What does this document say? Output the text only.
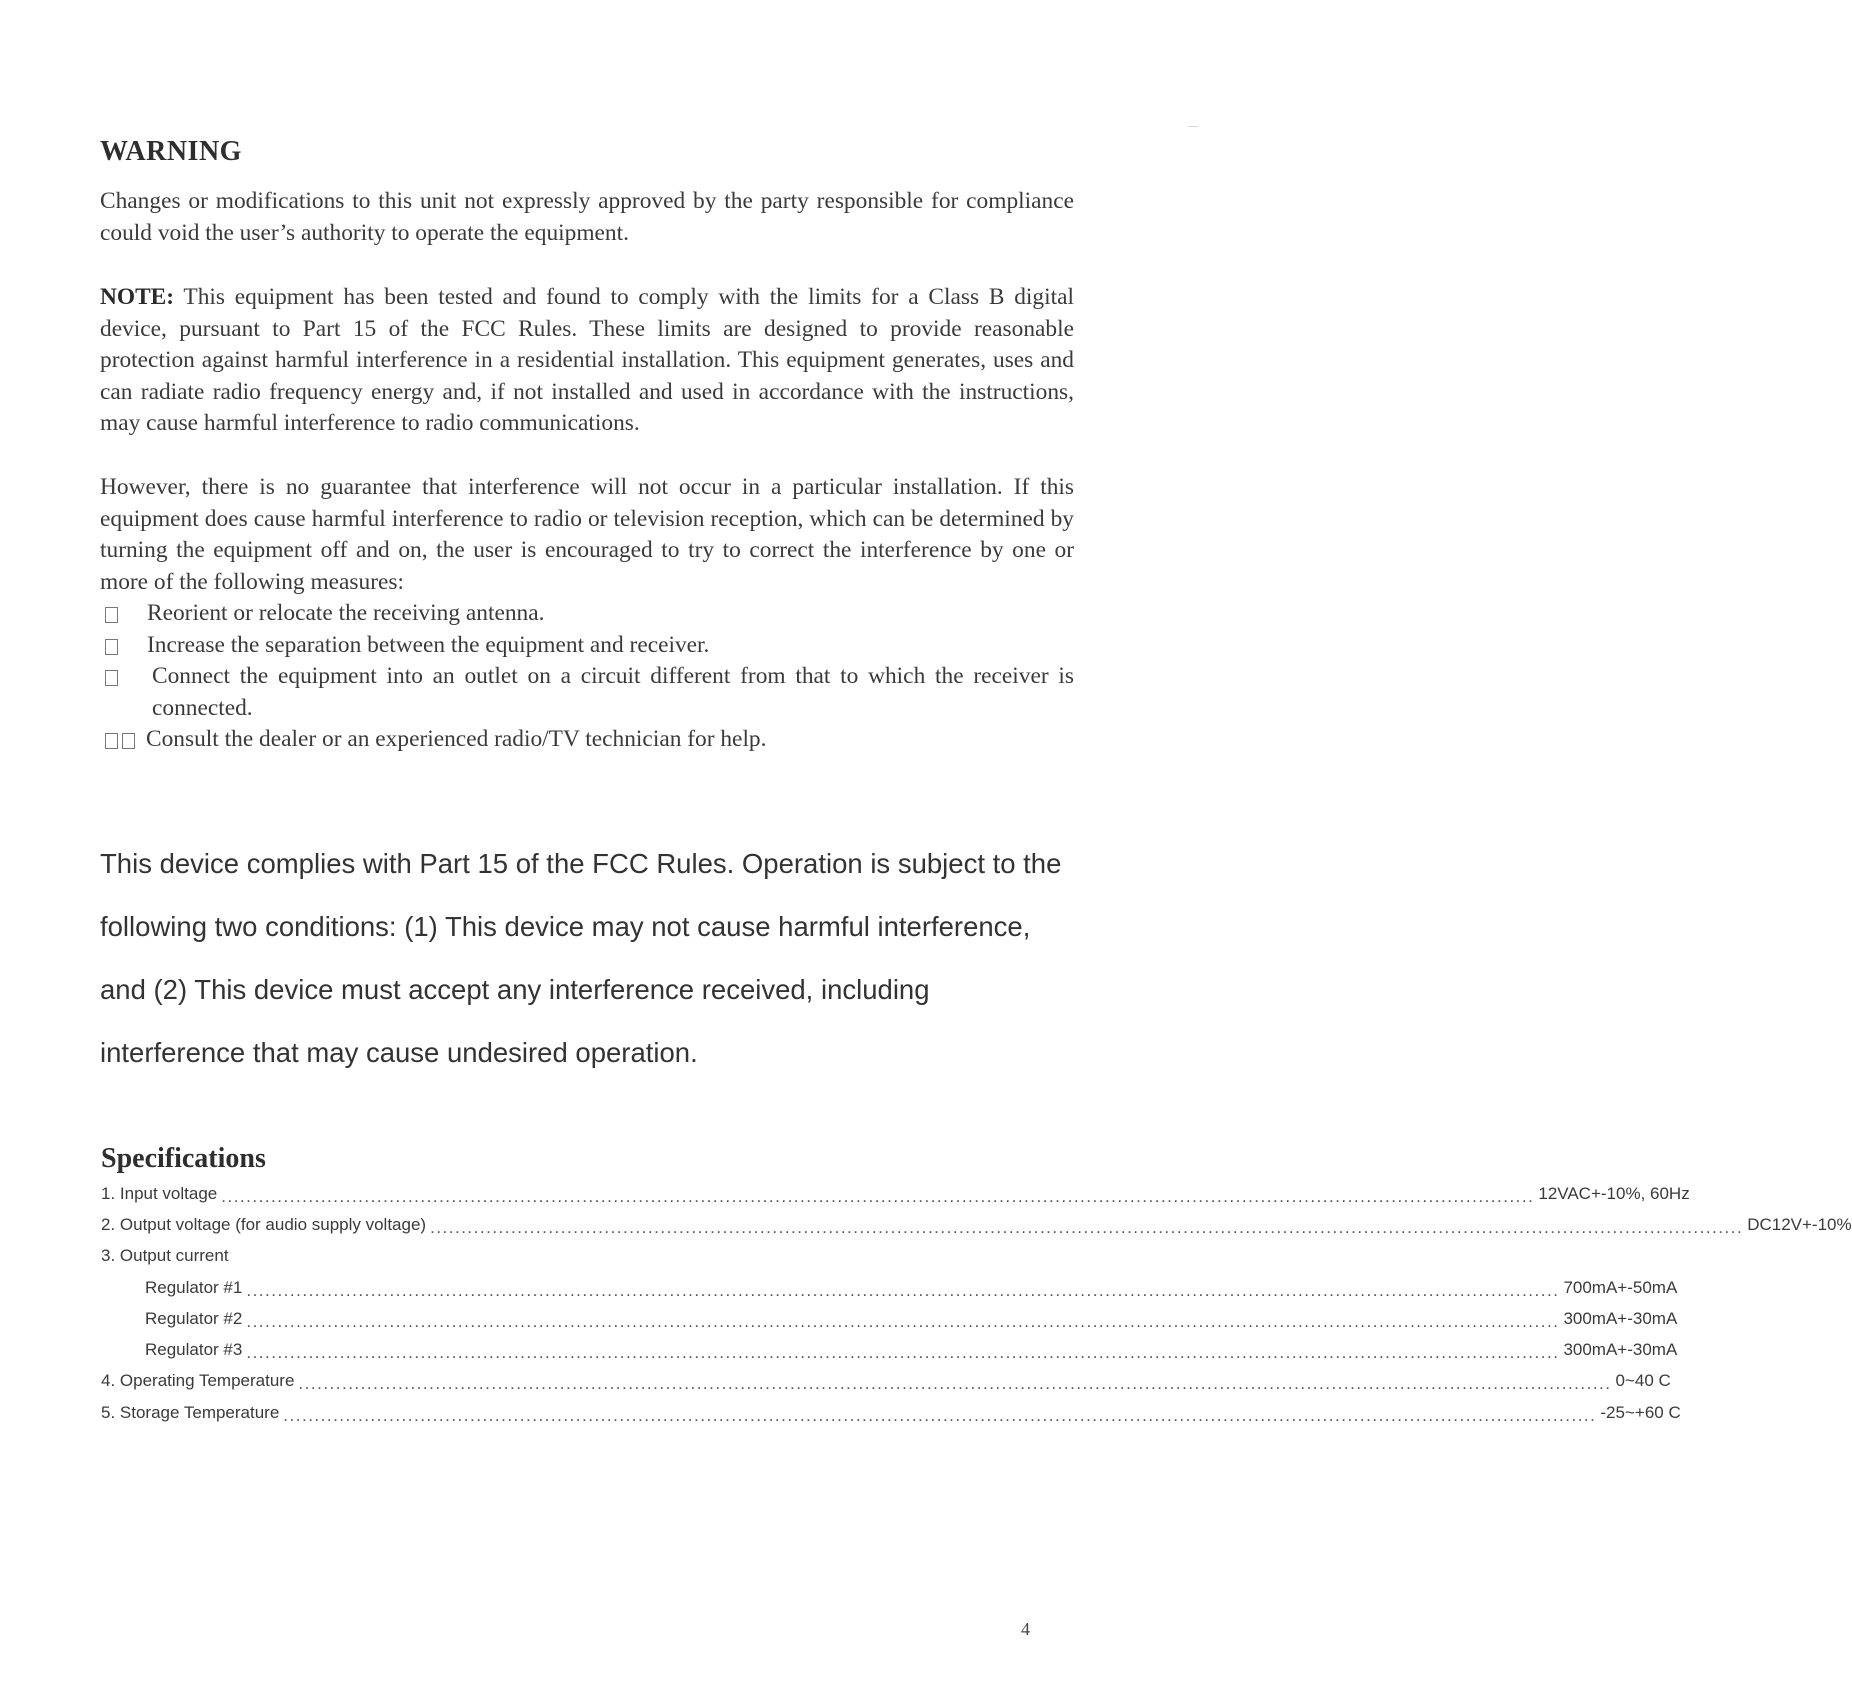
WARNING
Changes or modifications to this unit not expressly approved by the party responsible for compliance could void the user’s authority to operate the equipment.
NOTE: This equipment has been tested and found to comply with the limits for a Class B digital device, pursuant to Part 15 of the FCC Rules. These limits are designed to provide reasonable protection against harmful interference in a residential installation. This equipment generates, uses and can radiate radio frequency energy and, if not installed and used in accordance with the instructions, may cause harmful interference to radio communications.
However, there is no guarantee that interference will not occur in a particular installation. If this equipment does cause harmful interference to radio or television reception, which can be determined by turning the equipment off and on, the user is encouraged to try to correct the interference by one or more of the following measures:
Reorient or relocate the receiving antenna.
Increase the separation between the equipment and receiver.
Connect the equipment into an outlet on a circuit different from that to which the receiver is connected.
Consult the dealer or an experienced radio/TV technician for help.
This device complies with Part 15 of the FCC Rules. Operation is subject to the following two conditions: (1) This device may not cause harmful interference, and (2) This device must accept any interference received, including interference that may cause undesired operation.
Specifications
1. Input voltage ................................................................................................................................................................................................................... 12VAC+-10%, 60Hz
2. Output voltage (for audio supply voltage) ................................................................................................................................................................................................................... DC12V+-10%
3. Output current
Regulator #1 ................................................................................................................................................................................................................... 700mA+-50mA
Regulator #2 ................................................................................................................................................................................................................... 300mA+-30mA
Regulator #3 ................................................................................................................................................................................................................... 300mA+-30mA
4. Operating Temperature ................................................................................................................................................................................................................... 0~40 C
5. Storage Temperature ................................................................................................................................................................................................................... -25~+60 C
4
